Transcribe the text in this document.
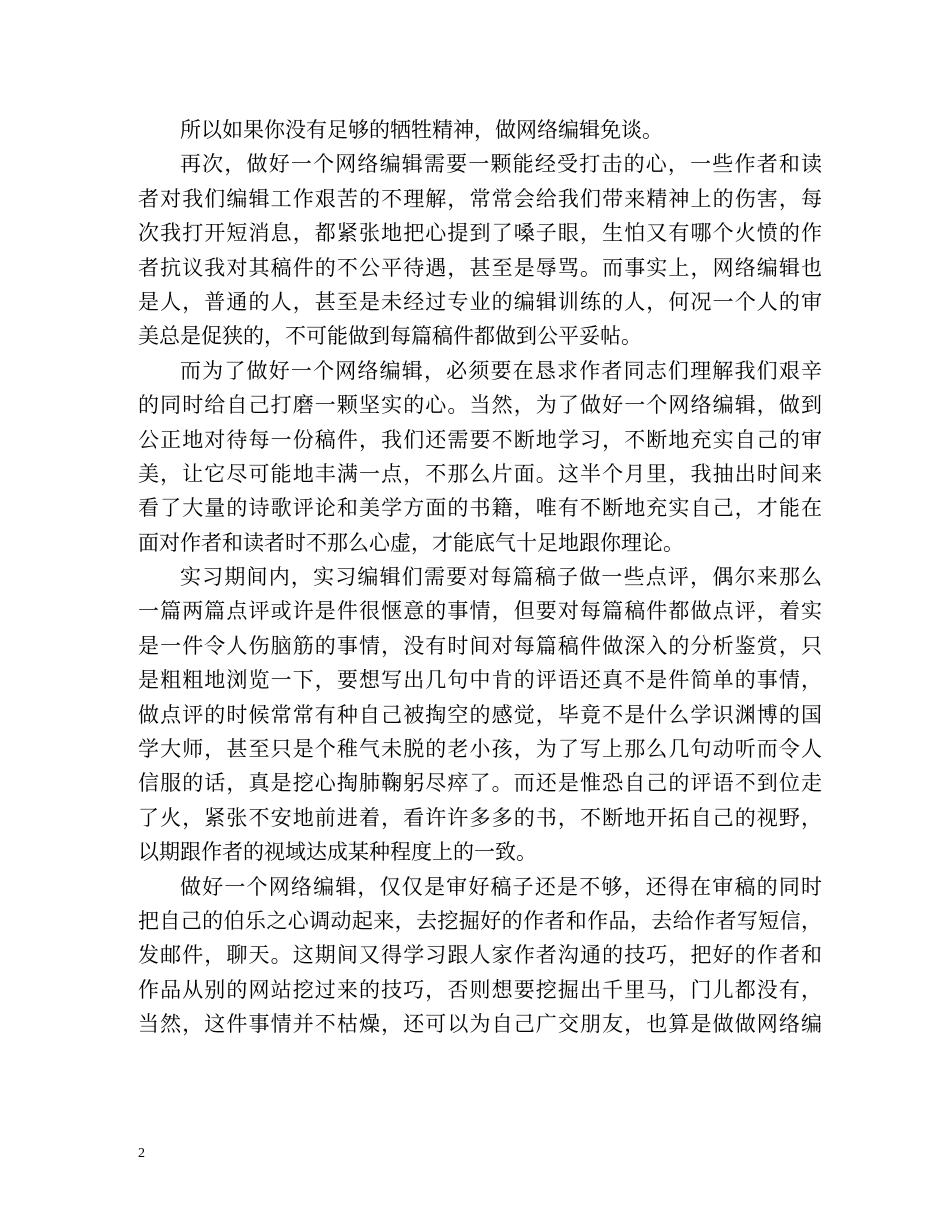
所以如果你没有足够的牺牲精神，做网络编辑免谈。
再次，做好一个网络编辑需要一颗能经受打击的心，一些作者和读
者对我们编辑工作艰苦的不理解，常常会给我们带来精神上的伤害，每
次我打开短消息，都紧张地把心提到了嗓子眼，生怕又有哪个火愤的作
者抗议我对其稿件的不公平待遇，甚至是辱骂。而事实上，网络编辑也
是人，普通的人，甚至是未经过专业的编辑训练的人，何况一个人的审
美总是促狭的，不可能做到每篇稿件都做到公平妥帖。
而为了做好一个网络编辑，必须要在恳求作者同志们理解我们艰辛
的同时给自己打磨一颗坚实的心。当然，为了做好一个网络编辑，做到
公正地对待每一份稿件，我们还需要不断地学习，不断地充实自己的审
美，让它尽可能地丰满一点，不那么片面。这半个月里，我抽出时间来
看了大量的诗歌评论和美学方面的书籍，唯有不断地充实自己，才能在
面对作者和读者时不那么心虚，才能底气十足地跟你理论。
实习期间内，实习编辑们需要对每篇稿子做一些点评，偶尔来那么
一篇两篇点评或许是件很惬意的事情，但要对每篇稿件都做点评，着实
是一件令人伤脑筋的事情，没有时间对每篇稿件做深入的分析鉴赏，只
是粗粗地浏览一下，要想写出几句中肯的评语还真不是件简单的事情，
做点评的时候常常有种自己被掏空的感觉，毕竟不是什么学识渊博的国
学大师，甚至只是个稚气未脱的老小孩，为了写上那么几句动听而令人
信服的话，真是挖心掏肺鞠躬尽瘁了。而还是惟恐自己的评语不到位走
了火，紧张不安地前进着，看许许多多的书，不断地开拓自己的视野，
以期跟作者的视域达成某种程度上的一致。
做好一个网络编辑，仅仅是审好稿子还是不够，还得在审稿的同时
把自己的伯乐之心调动起来，去挖掘好的作者和作品，去给作者写短信，
发邮件，聊天。这期间又得学习跟人家作者沟通的技巧，把好的作者和
作品从别的网站挖过来的技巧，否则想要挖掘出千里马，门儿都没有，
当然，这件事情并不枯燥，还可以为自己广交朋友，也算是做做网络编
2
